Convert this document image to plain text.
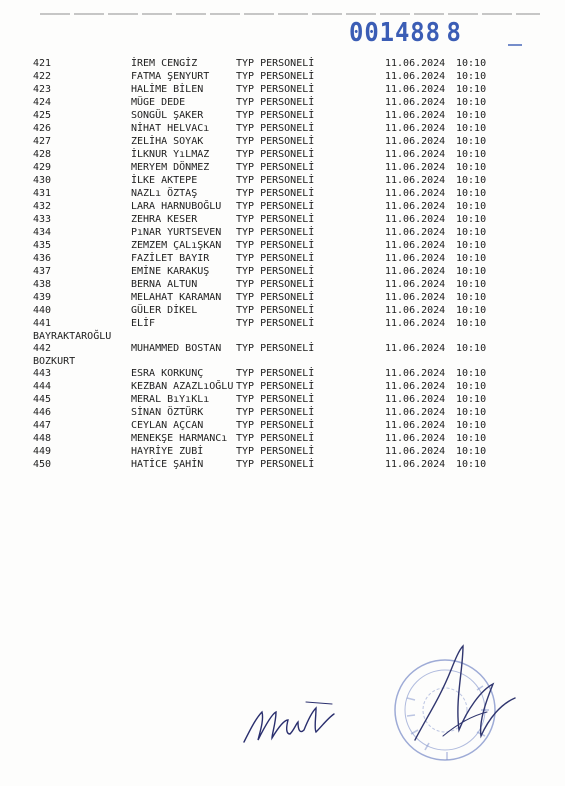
001488 8
421	İREM CENGİZ	TYP PERSONELİ	11.06.2024 10:10
422	FATMA ŞENYURT	TYP PERSONELİ	11.06.2024 10:10
423	HALİME BİLEN	TYP PERSONELİ	11.06.2024 10:10
424	MÜGE DEDE	TYP PERSONELİ	11.06.2024 10:10
425	SONGÜL ŞAKER	TYP PERSONELİ	11.06.2024 10:10
426	NİHAT HELVACı	TYP PERSONELİ	11.06.2024 10:10
427	ZELİHA SOYAK	TYP PERSONELİ	11.06.2024 10:10
428	İLKNUR YıLMAZ	TYP PERSONELİ	11.06.2024 10:10
429	MERYEM DÖNMEZ	TYP PERSONELİ	11.06.2024 10:10
430	İLKE AKTEPE	TYP PERSONELİ	11.06.2024 10:10
431	NAZLı ÖZTAŞ	TYP PERSONELİ	11.06.2024 10:10
432	LARA HARNUBOĞLU	TYP PERSONELİ	11.06.2024 10:10
433	ZEHRA KESER	TYP PERSONELİ	11.06.2024 10:10
434	PıNAR YURTSEVEN	TYP PERSONELİ	11.06.2024 10:10
435	ZEMZEM ÇALıŞKAN	TYP PERSONELİ	11.06.2024 10:10
436	FAZİLET BAYIR	TYP PERSONELİ	11.06.2024 10:10
437	EMİNE KARAKUŞ	TYP PERSONELİ	11.06.2024 10:10
438	BERNA ALTUN	TYP PERSONELİ	11.06.2024 10:10
439	MELAHAT KARAMAN	TYP PERSONELİ	11.06.2024 10:10
440	GÜLER DİKEL	TYP PERSONELİ	11.06.2024 10:10
441	ELİF	TYP PERSONELİ	11.06.2024 10:10
BAYRAKTAROĞLU
442	MUHAMMED BOSTAN	TYP PERSONELİ	11.06.2024 10:10
BOZKURT
443	ESRA KORKUNÇ	TYP PERSONELİ	11.06.2024 10:10
444	KEZBAN AZAZLıOĞLU TYP PERSONELİ	11.06.2024 10:10
445	MERAL BıYıKLı	TYP PERSONELİ	11.06.2024 10:10
446	SİNAN ÖZTÜRK	TYP PERSONELİ	11.06.2024 10:10
447	CEYLAN AÇCAN	TYP PERSONELİ	11.06.2024 10:10
448	MENEKŞE HARMANCı TYP PERSONELİ	11.06.2024 10:10
449	HAYRİYE ZUBİ	TYP PERSONELİ	11.06.2024 10:10
450	HATİCE ŞAHİN	TYP PERSONELİ	11.06.2024 10:10
